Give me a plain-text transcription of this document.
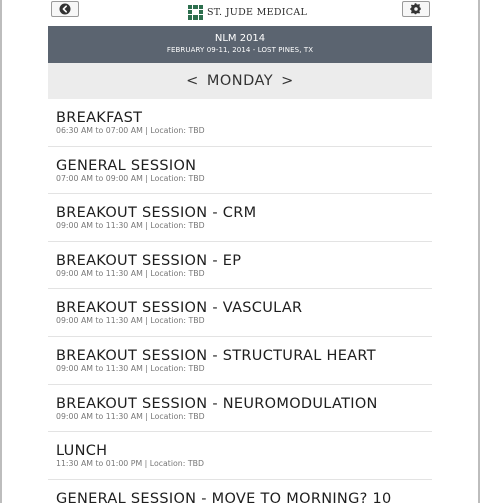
ST. JUDE MEDICAL
NLM 2014
FEBRUARY 09-11, 2014 - LOST PINES, TX
< MONDAY >
BREAKFAST
06:30 AM to 07:00 AM | Location: TBD
GENERAL SESSION
07:00 AM to 09:00 AM | Location: TBD
BREAKOUT SESSION - CRM
09:00 AM to 11:30 AM | Location: TBD
BREAKOUT SESSION - EP
09:00 AM to 11:30 AM | Location: TBD
BREAKOUT SESSION - VASCULAR
09:00 AM to 11:30 AM | Location: TBD
BREAKOUT SESSION - STRUCTURAL HEART
09:00 AM to 11:30 AM | Location: TBD
BREAKOUT SESSION - NEUROMODULATION
09:00 AM to 11:30 AM | Location: TBD
LUNCH
11:30 AM to 01:00 PM | Location: TBD
GENERAL SESSION - MOVE TO MORNING? 10
